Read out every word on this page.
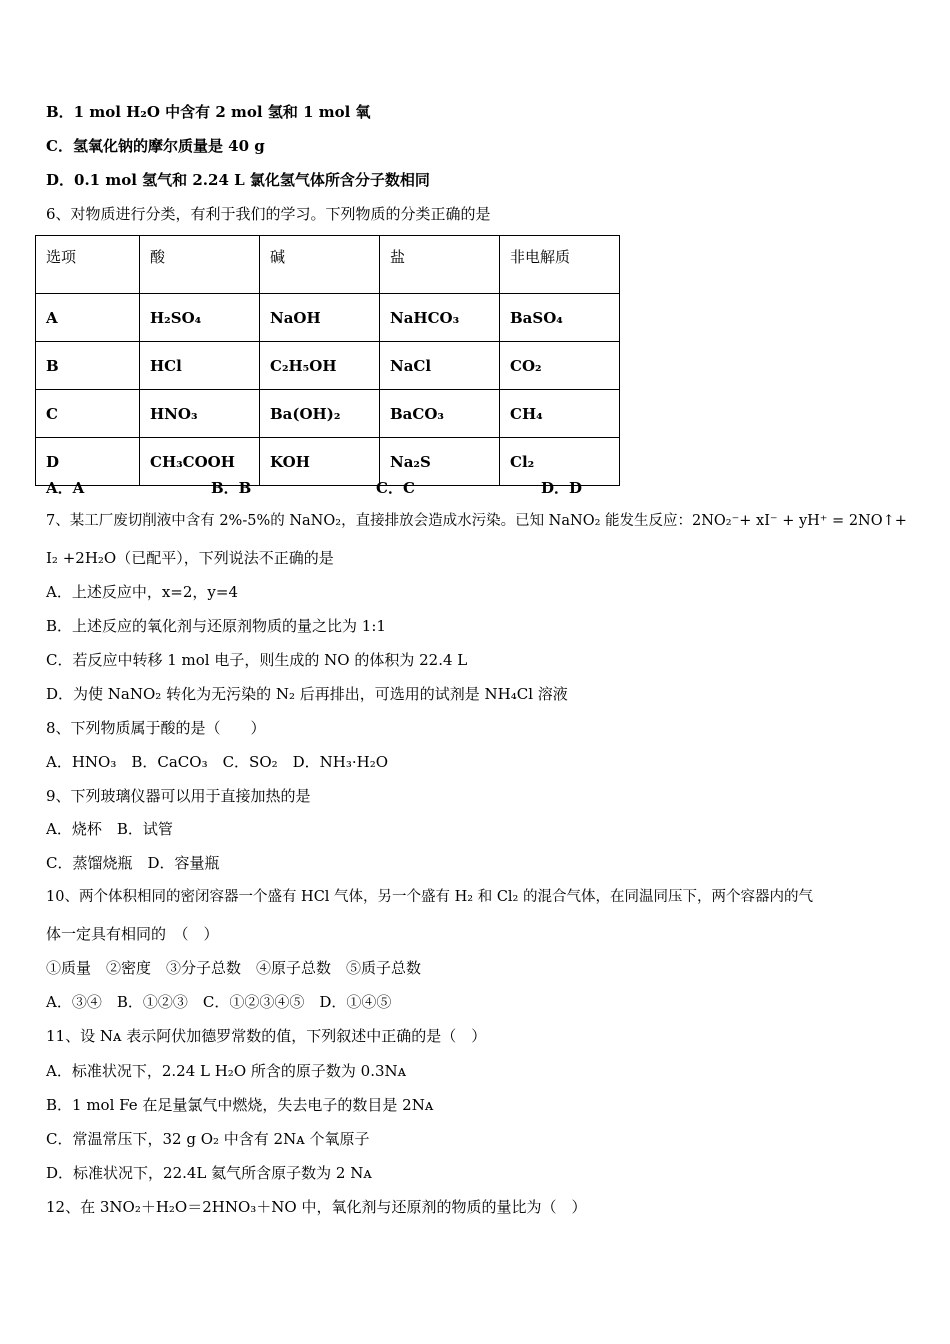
B．1 mol H₂O 中含有 2 mol 氢和 1 mol 氧
C．氢氧化钠的摩尔质量是 40 g
D．0.1 mol 氢气和 2.24 L 氯化氢气体所含分子数相同
6、对物质进行分类，有利于我们的学习。下列物质的分类正确的是
选项	酸	碱	盐	非电解质
A	H₂SO₄	NaOH	NaHCO₃	BaSO₄
B	HCl	C₂H₅OH	NaCl	CO₂
C	HNO₃	Ba(OH)₂	BaCO₃	CH₄
D	CH₃COOH	KOH	Na₂S	Cl₂
A．A	B．B	C．C	D．D
7、某工厂废切削液中含有 2%-5%的 NaNO₂，直接排放会造成水污染。已知 NaNO₂ 能发生反应：2NO₂⁻+ xI⁻ + yH⁺ = 2NO↑+
I₂ +2H₂O（已配平），下列说法不正确的是
A．上述反应中，x=2，y=4
B．上述反应的氧化剂与还原剂物质的量之比为 1:1
C．若反应中转移 1 mol 电子，则生成的 NO 的体积为 22.4 L
D．为使 NaNO₂ 转化为无污染的 N₂ 后再排出，可选用的试剂是 NH₄Cl 溶液
8、下列物质属于酸的是（　　）
A．HNO₃　B．CaCO₃　C．SO₂　D．NH₃·H₂O
9、下列玻璃仪器可以用于直接加热的是
A．烧杯　B．试管
C．蒸馏烧瓶　D．容量瓶
10、两个体积相同的密闭容器一个盛有 HCl 气体，另一个盛有 H₂ 和 Cl₂ 的混合气体，在同温同压下，两个容器内的气
体一定具有相同的　（　）
①质量　②密度　③分子总数　④原子总数　⑤质子总数
A．③④　B．①②③　C．①②③④⑤　D．①④⑤
11、设 Nᴀ 表示阿伏加德罗常数的值，下列叙述中正确的是（　）
A．标准状况下，2.24 L H₂O 所含的原子数为 0.3Nᴀ
B．1 mol Fe 在足量氯气中燃烧，失去电子的数目是 2Nᴀ
C．常温常压下，32 g O₂ 中含有 2Nᴀ 个氧原子
D．标准状况下，22.4L 氦气所含原子数为 2 Nᴀ
12、在 3NO₂＋H₂O＝2HNO₃＋NO 中，氧化剂与还原剂的物质的量比为（　）
